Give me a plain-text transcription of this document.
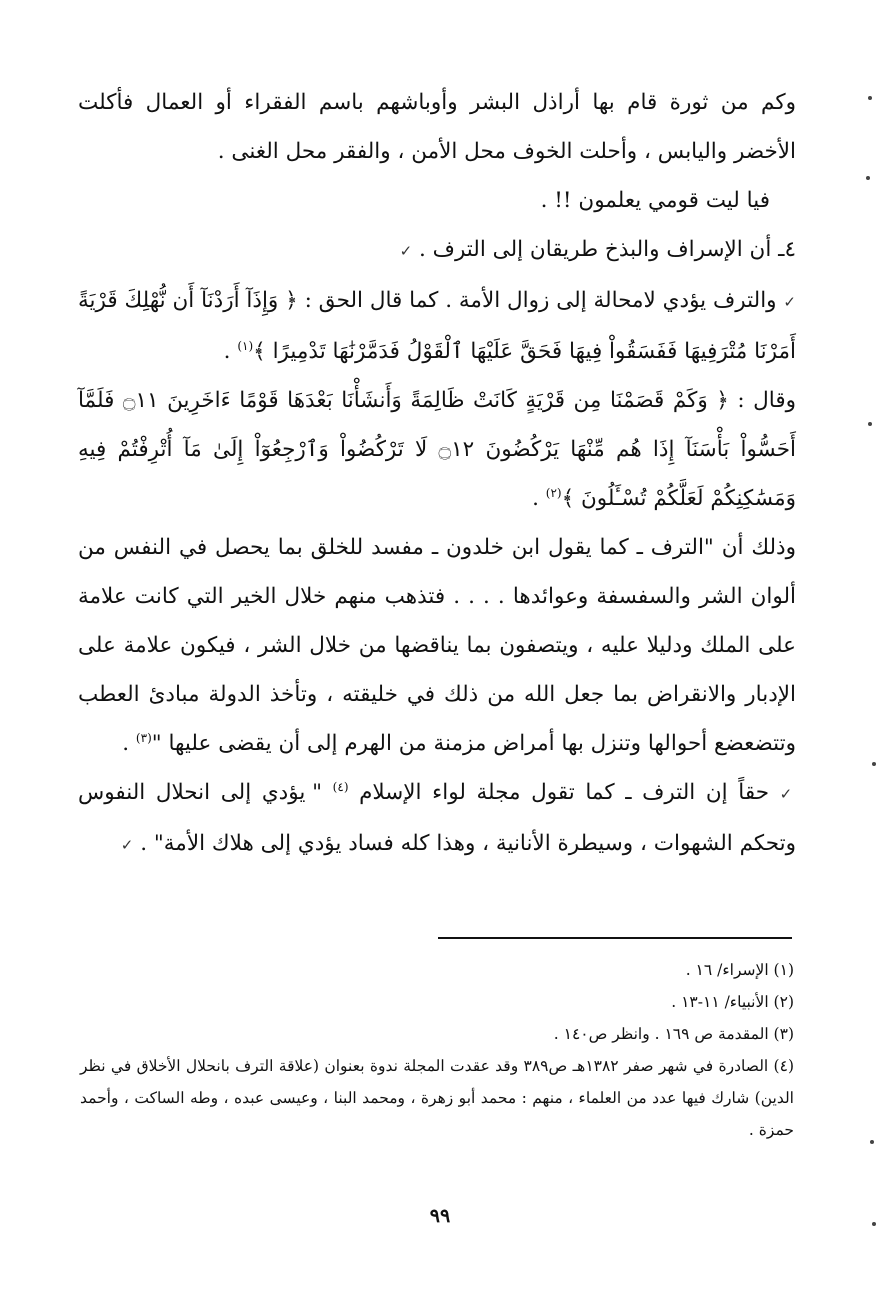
وكم من ثورة قام بها أراذل البشر وأوباشهم باسم الفقراء أو العمال فأكلت الأخضر واليابس ، وأحلت الخوف محل الأمن ، والفقر محل الغنى .

فيا ليت قومي يعلمون !! .

٤ـ أن الإسراف والبذخ طريقان إلى الترف . ✓

✓ والترف يؤدي لامحالة إلى زوال الأمة . كما قال الحق : ﴿ وَإِذَآ أَرَدْنَآ أَن نُّهْلِكَ قَرْيَةً أَمَرْنَا مُتْرَفِيهَا فَفَسَقُواْ فِيهَا فَحَقَّ عَلَيْهَا ٱلْقَوْلُ فَدَمَّرْنَٰهَا تَدْمِيرًا ﴾$^{(١)}$ .

وقال : ﴿ وَكَمْ قَصَمْنَا مِن قَرْيَةٍ كَانَتْ ظَالِمَةً وَأَنشَأْنَا بَعْدَهَا قَوْمًا ءَاخَرِينَ ۝١١ فَلَمَّآ أَحَسُّواْ بَأْسَنَآ إِذَا هُم مِّنْهَا يَرْكُضُونَ ۝١٢ لَا تَرْكُضُواْ وَٱرْجِعُوٓاْ إِلَىٰ مَآ أُتْرِفْتُمْ فِيهِ وَمَسَٰكِنِكُمْ لَعَلَّكُمْ تُسْـَٔلُونَ ﴾$^{(٢)}$ .

وذلك أن "الترف ـ كما يقول ابن خلدون ـ مفسد للخلق بما يحصل في النفس من ألوان الشر والسفسفة وعوائدها . . . . فتذهب منهم خلال الخير التي كانت علامة على الملك ودليلا عليه ، ويتصفون بما يناقضها من خلال الشر ، فيكون علامة على الإدبار والانقراض بما جعل الله من ذلك في خليقته ، وتأخذ الدولة مبادئ العطب وتتضعضع أحوالها وتنزل بها أمراض مزمنة من الهرم إلى أن يقضى عليها "$^{(٣)}$ .

✓ حقاً إن الترف ـ كما تقول مجلة لواء الإسلام $^{(٤)}$ " يؤدي إلى انحلال النفوس وتحكم الشهوات ، وسيطرة الأنانية ، وهذا كله فساد يؤدي إلى هلاك الأمة" . ✓

(١) الإسراء/ ١٦ .

(٢) الأنبياء/ ١١-١٣ .

(٣) المقدمة ص ١٦٩ . وانظر ص١٤٠ .

(٤) الصادرة في شهر صفر ١٣٨٢هـ ص٣٨٩ وقد عقدت المجلة ندوة بعنوان (علاقة الترف بانحلال الأخلاق في نظر الدين) شارك فيها عدد من العلماء ، منهم : محمد أبو زهرة ، ومحمد البنا ، وعيسى عبده ، وطه الساكت ، وأحمد حمزة .

٩٩
